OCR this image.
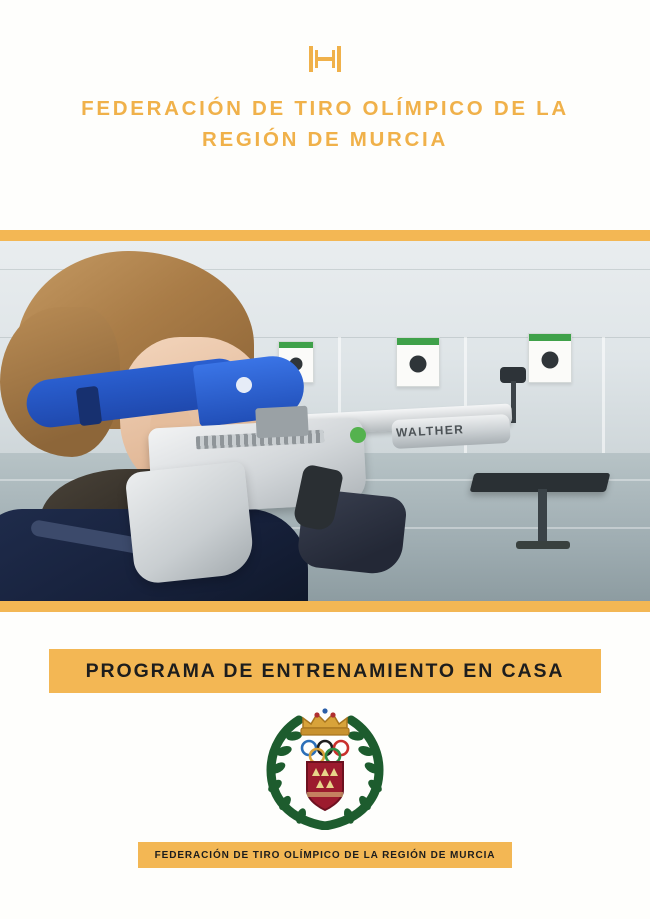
FEDERACIÓN DE TIRO OLÍMPICO DE LA REGIÓN DE MURCIA
WALTHER
PROGRAMA DE ENTRENAMIENTO EN CASA
FEDERACIÓN DE TIRO OLÍMPICO DE LA REGIÓN DE MURCIA
